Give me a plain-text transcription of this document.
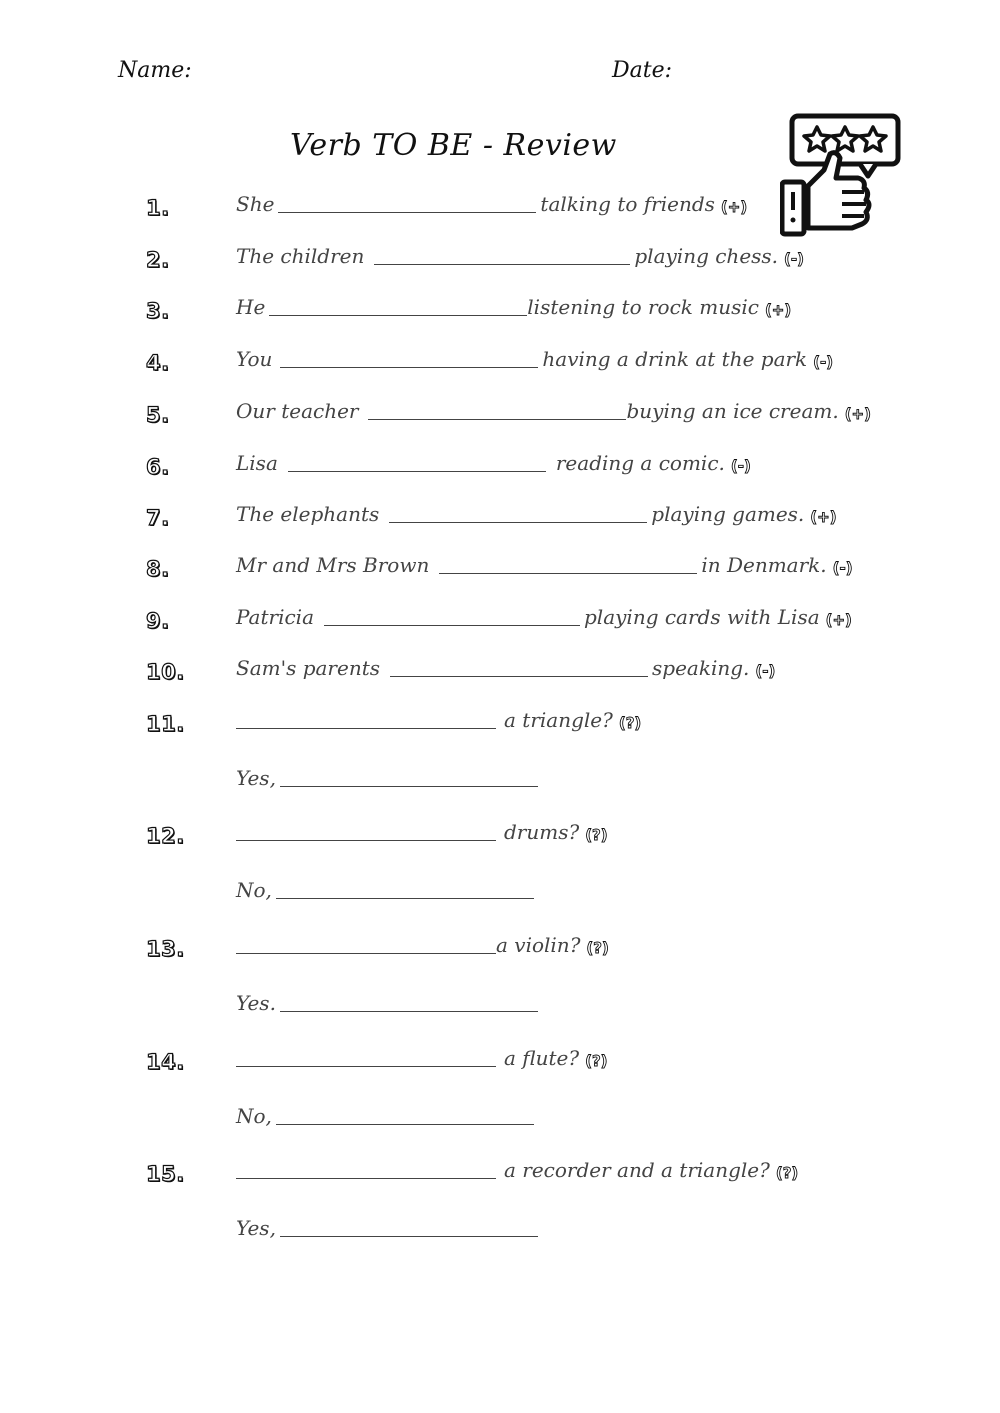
Name:	Date:
Verb TO BE - Review
1.	She	talking to friends (+)
2.	The children	playing chess. (-)
3.	He	listening to rock music (+)
4.	You	having a drink at the park (-)
5.	Our teacher	buying an ice cream. (+)
6.	Lisa	reading a comic. (-)
7.	The elephants	playing games. (+)
8.	Mr and Mrs Brown	in Denmark. (-)
9.	Patricia	playing cards with Lisa (+)
10.	Sam's parents	speaking. (-)
11.	a triangle? (?)
Yes,
12.	drums? (?)
No,
13.	a violin? (?)
Yes.
14.	a flute? (?)
No,
15.	a recorder and a triangle? (?)
Yes,
